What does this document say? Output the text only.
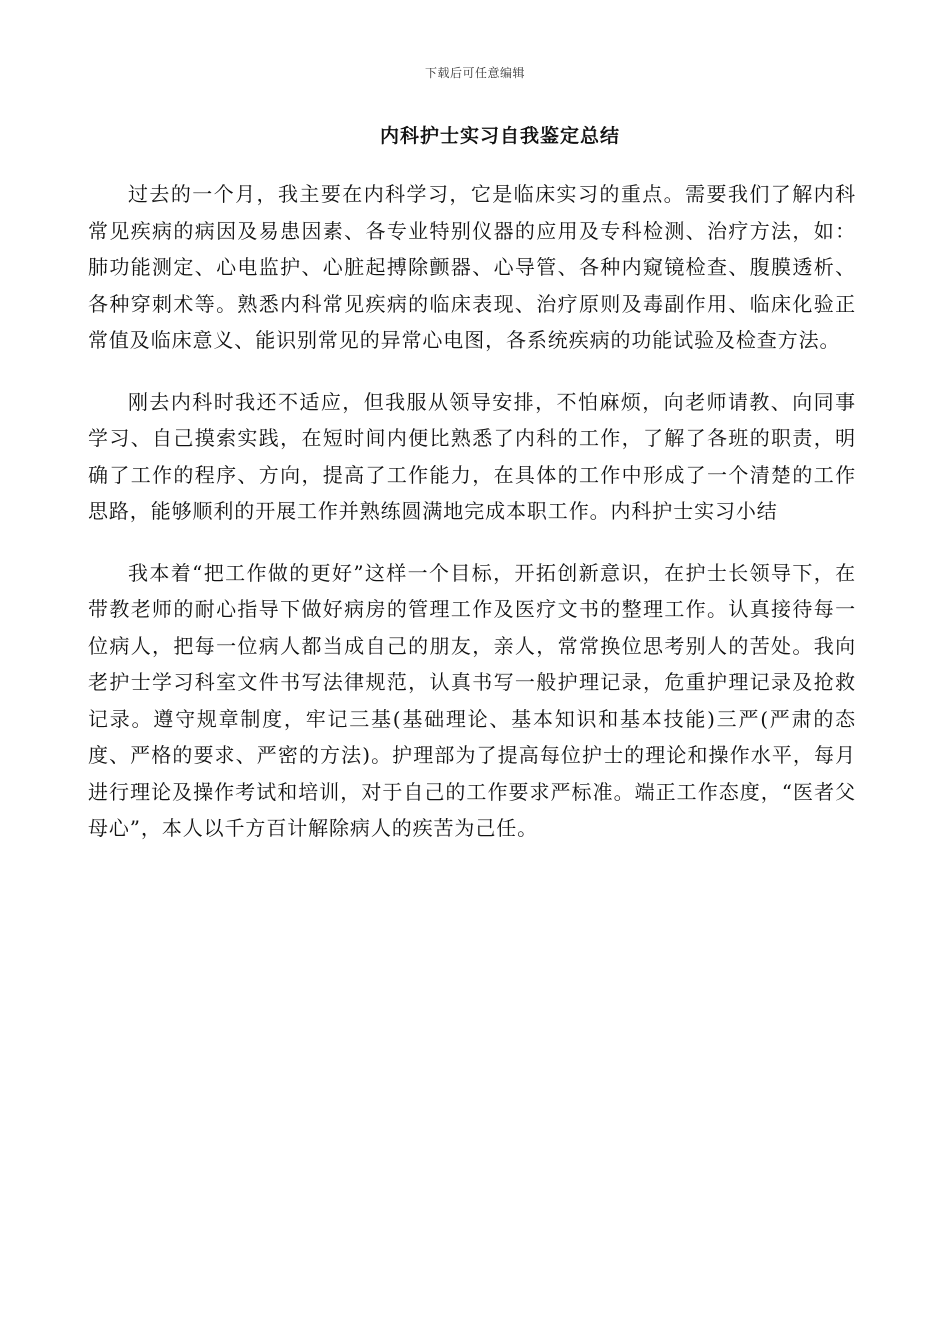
下载后可任意编辑
内科护士实习自我鉴定总结

过去的一个月，我主要在内科学习，它是临床实习的重点。需要我们了解内科常见疾病的病因及易患因素、各专业特别仪器的应用及专科检测、治疗方法，如：肺功能测定、心电监护、心脏起搏除颤器、心导管、各种内窥镜检查、腹膜透析、各种穿刺术等。熟悉内科常见疾病的临床表现、治疗原则及毒副作用、临床化验正常值及临床意义、能识别常见的异常心电图，各系统疾病的功能试验及检查方法。

刚去内科时我还不适应，但我服从领导安排，不怕麻烦，向老师请教、向同事学习、自己摸索实践，在短时间内便比熟悉了内科的工作，了解了各班的职责，明确了工作的程序、方向，提高了工作能力，在具体的工作中形成了一个清楚的工作思路，能够顺利的开展工作并熟练圆满地完成本职工作。内科护士实习小结

我本着“把工作做的更好”这样一个目标，开拓创新意识，在护士长领导下，在带教老师的耐心指导下做好病房的管理工作及医疗文书的整理工作。认真接待每一位病人，把每一位病人都当成自己的朋友，亲人，常常换位思考别人的苦处。我向老护士学习科室文件书写法律规范，认真书写一般护理记录，危重护理记录及抢救记录。遵守规章制度，牢记三基(基础理论、基本知识和基本技能)三严(严肃的态度、严格的要求、严密的方法)。护理部为了提高每位护士的理论和操作水平，每月进行理论及操作考试和培训，对于自己的工作要求严标准。端正工作态度，“医者父母心”，本人以千方百计解除病人的疾苦为己任。
